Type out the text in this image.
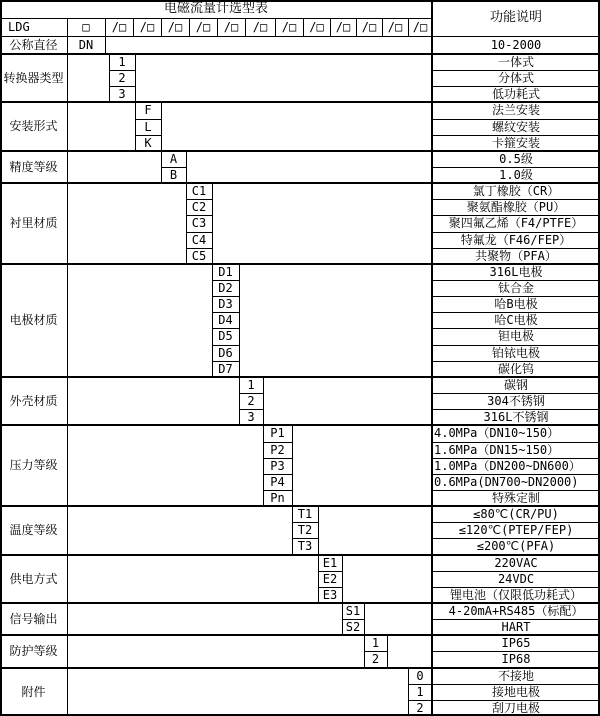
电磁流量计选型表
功能说明
LDG	□	/□	/□	/□	/□	/□	/□	/□	/□	/□ /□ /□ /□
公称直径	DN	10-2000
转换器类型
1	一体式
2	分体式
3	低功耗式
安装形式
F	法兰安装
L	螺纹安装
K	卡箍安装
精度等级
A	0.5级
B	1.0级
衬里材质
C1	氯丁橡胶（CR）
C2	聚氨酯橡胶（PU）
C3	聚四氟乙烯（F4/PTFE）
C4	特氟龙（F46/FEP）
C5	共聚物（PFA）
电极材质
D1	316L电极
D2	钛合金
D3	哈B电极
D4	哈C电极
D5	钽电极
D6	铂铱电极
D7	碳化钨
外壳材质
1	碳钢
2	304不锈钢
3	316L不锈钢
压力等级
P1	4.0MPa（DN10~150）
P2	1.6MPa（DN15~150）
P3	1.0MPa（DN200~DN600）
P4	0.6MPa(DN700~DN2000)
Pn	特殊定制
温度等级
T1	≤80℃(CR/PU)
T2	≤120℃(PTEP/FEP)
T3	≤200℃(PFA)
供电方式
E1	220VAC
E2	24VDC
E3	锂电池（仅限低功耗式）
信号输出
S1	4-20mA+RS485（标配）
S2	HART
防护等级
1	IP65
2	IP68
附件
0	不接地
1	接地电极
2	刮刀电极
